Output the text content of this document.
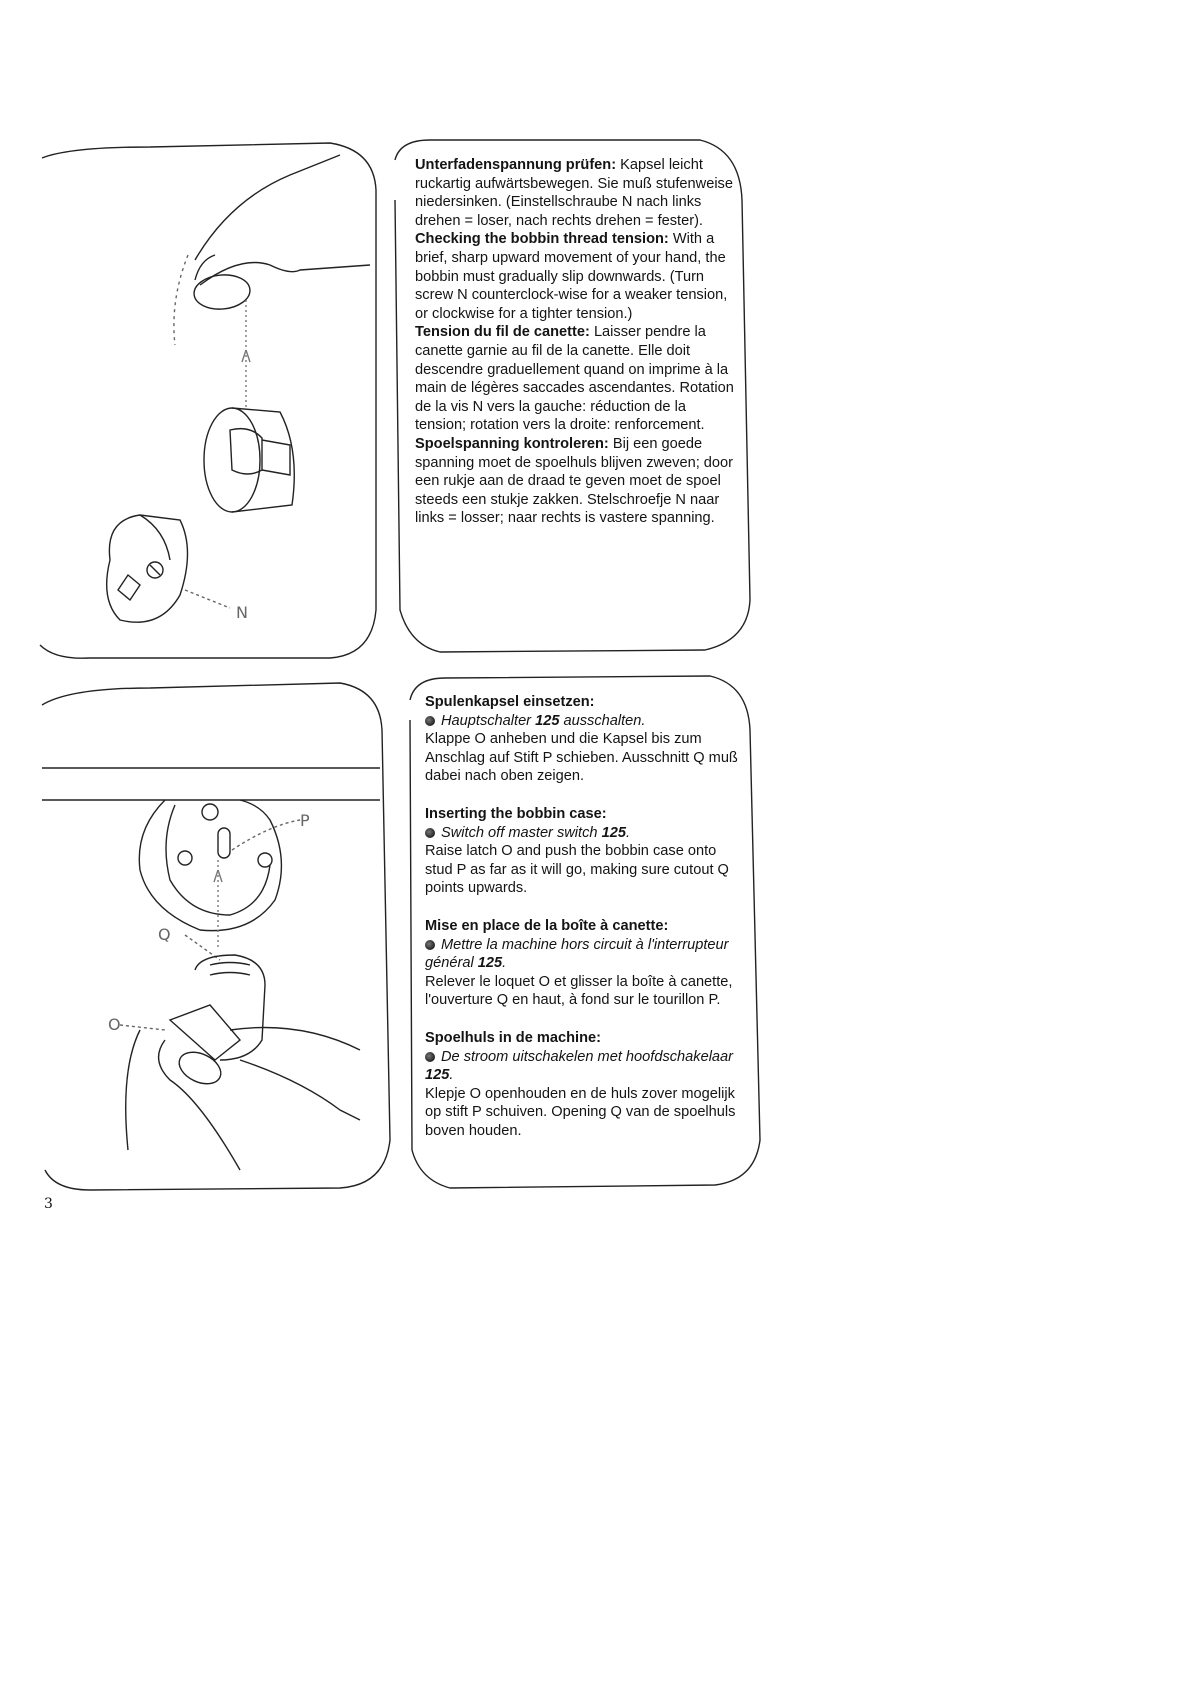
N
P
Q
O

Unterfadenspannung prüfen: Kapsel leicht ruckartig aufwärtsbewegen. Sie muß stufenweise niedersinken. (Einstellschraube N nach links drehen = loser, nach rechts drehen = fester).

Checking the bobbin thread tension: With a brief, sharp upward movement of your hand, the bobbin must gradually slip downwards. (Turn screw N counterclock-wise for a weaker tension, or clockwise for a tighter tension.)

Tension du fil de canette: Laisser pendre la canette garnie au fil de la canette. Elle doit descendre graduellement quand on imprime à la main de légères saccades ascendantes. Rotation de la vis N vers la gauche: réduction de la tension; rotation vers la droite: renforcement.

Spoelspanning kontroleren: Bij een goede spanning moet de spoelhuls blijven zweven; door een rukje aan de draad te geven moet de spoel steeds een stukje zakken. Stelschroefje N naar links = losser; naar rechts is vastere spanning.

Spulenkapsel einsetzen:
Hauptschalter 125 ausschalten.
Klappe O anheben und die Kapsel bis zum Anschlag auf Stift P schieben. Ausschnitt Q muß dabei nach oben zeigen.
Inserting the bobbin case:
Switch off master switch 125.
Raise latch O and push the bobbin case onto stud P as far as it will go, making sure cutout Q points upwards.
Mise en place de la boîte à canette:
Mettre la machine hors circuit à l'interrupteur général 125.
Relever le loquet O et glisser la boîte à canette, l'ouverture Q en haut, à fond sur le tourillon P.
Spoelhuls in de machine:
De stroom uitschakelen met hoofdschakelaar 125.
Klepje O openhouden en de huls zover mogelijk op stift P schuiven. Opening Q van de spoelhuls boven houden.
3
